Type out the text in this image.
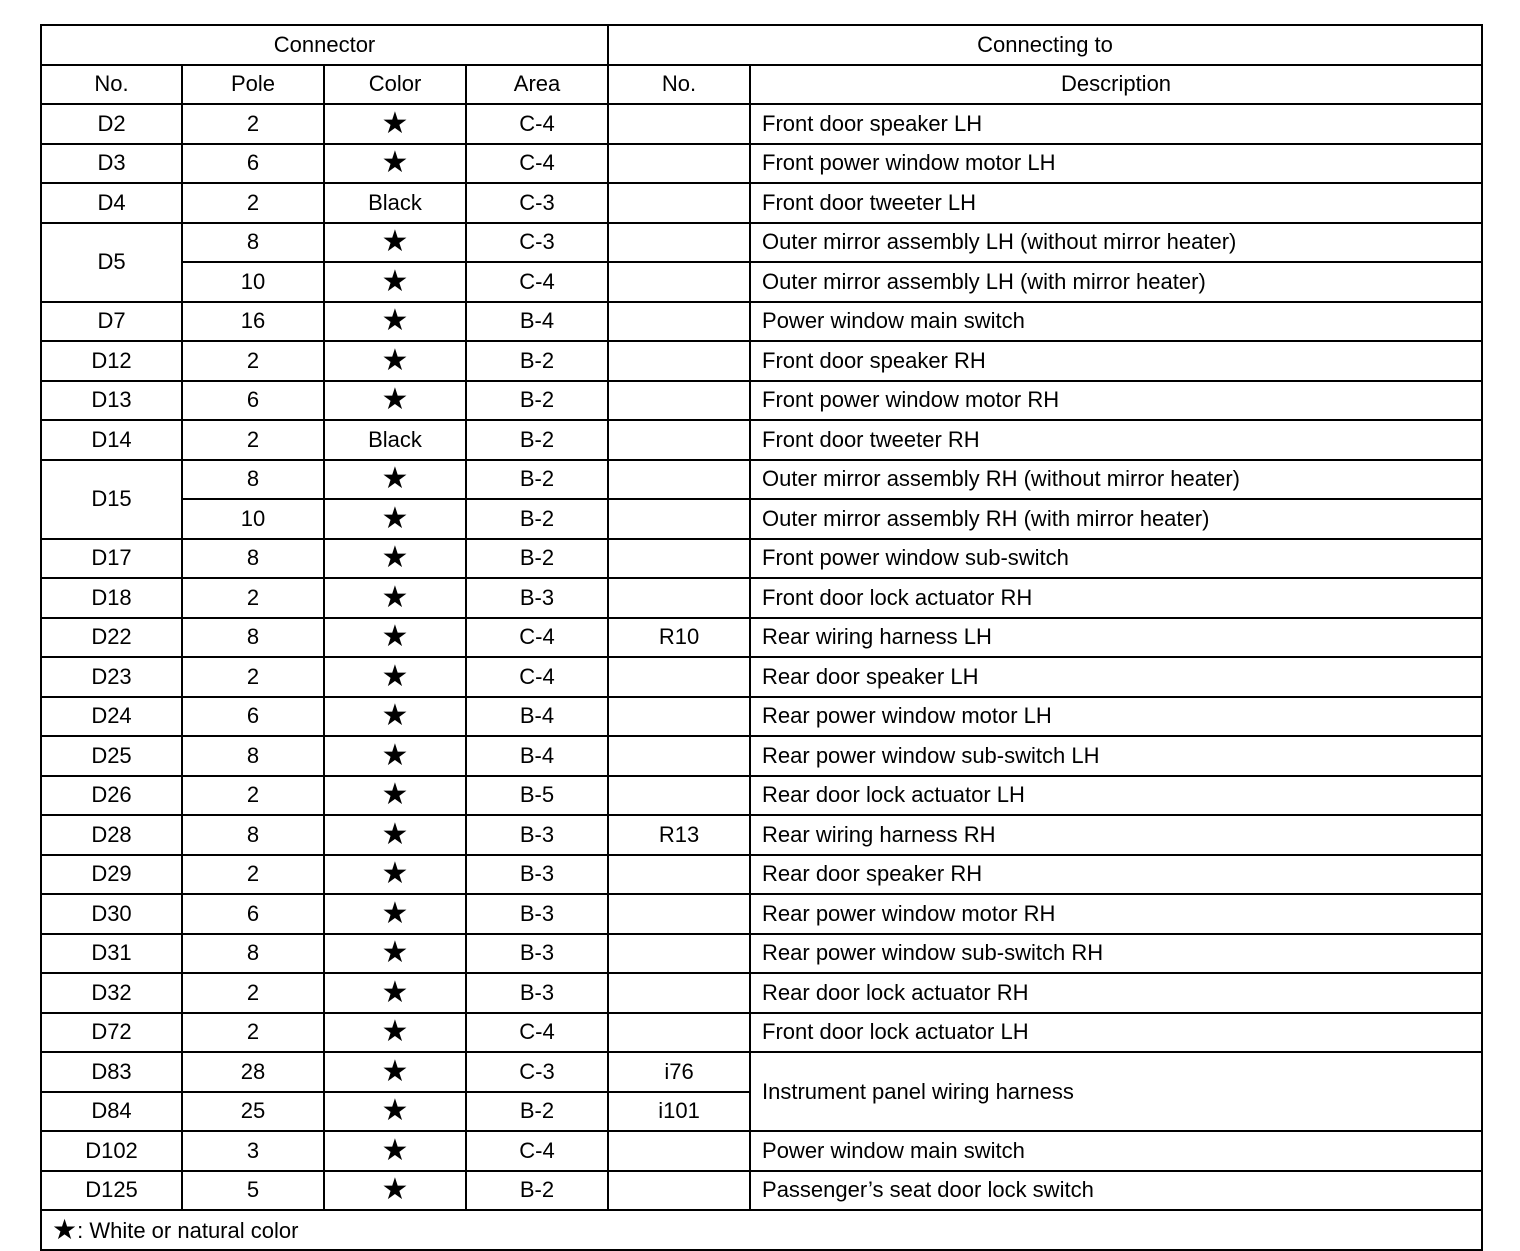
Connector				Connecting to	
No.	Pole	Color	Area	No.	Description
D2	2	★	C-4		Front door speaker LH
D3	6	★	C-4		Front power window motor LH
D4	2	Black	C-3		Front door tweeter LH
D5	8	★	C-3		Outer mirror assembly LH (without mirror heater)
	10	★	C-4		Outer mirror assembly LH (with mirror heater)
D7	16	★	B-4		Power window main switch
D12	2	★	B-2		Front door speaker RH
D13	6	★	B-2		Front power window motor RH
D14	2	Black	B-2		Front door tweeter RH
D15	8	★	B-2		Outer mirror assembly RH (without mirror heater)
	10	★	B-2		Outer mirror assembly RH (with mirror heater)
D17	8	★	B-2		Front power window sub-switch
D18	2	★	B-3		Front door lock actuator RH
D22	8	★	C-4	R10	Rear wiring harness LH
D23	2	★	C-4		Rear door speaker LH
D24	6	★	B-4		Rear power window motor LH
D25	8	★	B-4		Rear power window sub-switch LH
D26	2	★	B-5		Rear door lock actuator LH
D28	8	★	B-3	R13	Rear wiring harness RH
D29	2	★	B-3		Rear door speaker RH
D30	6	★	B-3		Rear power window motor RH
D31	8	★	B-3		Rear power window sub-switch RH
D32	2	★	B-3		Rear door lock actuator RH
D72	2	★	C-4		Front door lock actuator LH
D83	28	★	C-3	i76	Instrument panel wiring harness
D84	25	★	B-2	i101	
D102	3	★	C-4		Power window main switch
D125	5	★	B-2		Passenger’s seat door lock switch
★: White or natural color					
